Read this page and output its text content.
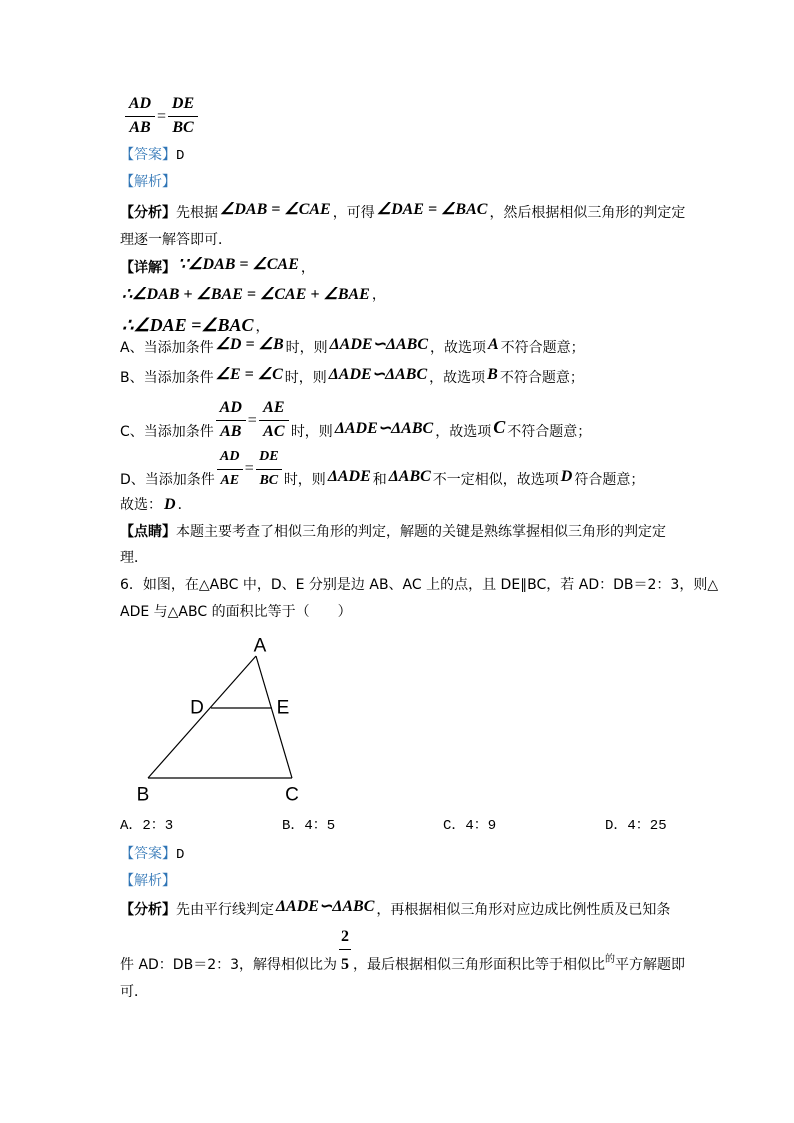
$\frac{AD}{AB}=$
$\frac{DE}{BC}$
【答案】D
【解析】
【分析】先根据 ∠DAB = ∠CAE ，可得 ∠DAE = ∠BAC ，然后根据相似三角形的判定定
理逐一解答即可．
【详解】 ∵∠DAB = ∠CAE ，
∴∠DAB + ∠BAE = ∠CAE + ∠BAE ，
∴∠DAE =∠BAC ，
A、当添加条件 ∠D = ∠B 时，则 ΔADE∽ΔABC ，故选项 A 不符合题意；
B、当添加条件 ∠E = ∠C 时，则 ΔADE∽ΔABC ，故选项 B 不符合题意；
C、当添加条件 $\frac{AD}{AB}=$
$\frac{AE}{AC}$ 时，则 ΔADE∽ΔABC ，故选项 C 不符合题意；
D、当添加条件 $\frac{AD}{AE}=$
$\frac{DE}{BC}$ 时，则 ΔADE 和 ΔABC 不一定相似，故选项 D 符合题意；
故选： D ．
【点睛】本题主要考查了相似三角形的判定，解题的关键是熟练掌握相似三角形的判定定
理．
6．如图，在△ABC 中，D、E 分别是边 AB、AC 上的点，且 DE∥BC，若 AD：DB＝2：3，则△
ADE 与△ABC 的面积比等于（　　）
A
D	E
B	C
A．2：3	B．4：5	C．4：9	D．4：25
【答案】D
【解析】
【分析】先由平行线判定 ΔADE∽ΔABC ，再根据相似三角形对应边成比例性质及已知条
件 AD：DB＝2：3，解得相似比为 $\frac{2}{5}$ ，最后根据相似三角形面积比等于相似比$^的$平方解题即
可．
